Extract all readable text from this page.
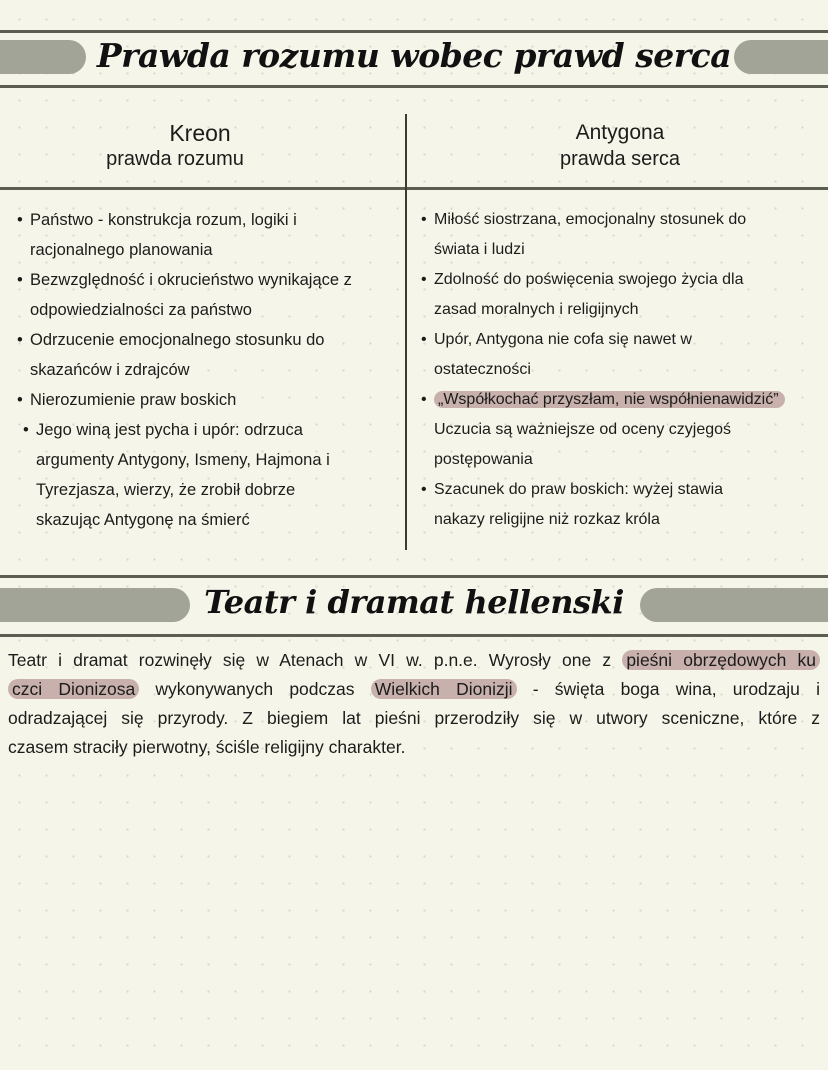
Prawda rozumu wobec prawd serca
Kreon
prawda rozumu
Antygona
prawda serca
• Państwo - konstrukcja rozum, logiki i
racjonalnego planowania
• Bezwzględność i okrucieństwo wynikające z
odpowiedzialności za państwo
• Odrzucenie emocjonalnego stosunku do
skazańców i zdrajców
• Nierozumienie praw boskich
• Jego winą jest pycha i upór: odrzuca
argumenty Antygony, Ismeny, Hajmona i
Tyrezjasza, wierzy, że zrobił dobrze
skazując Antygonę na śmierć
• Miłość siostrzana, emocjonalny stosunek do
świata i ludzi
• Zdolność do poświęcenia swojego życia dla
zasad moralnych i religijnych
• Upór, Antygona nie cofa się nawet w
ostateczności
• „Współkochać przyszłam, nie współnienawidzić”
Uczucia są ważniejsze od oceny czyjegoś
postępowania
• Szacunek do praw boskich: wyżej stawia
nakazy religijne niż rozkaz króla
Teatr i dramat hellenski
Teatr i dramat rozwinęły się w Atenach w VI w. p.n.e. Wyrosły one z pieśni obrzędowych ku
czci Dionizosa wykonywanych podczas Wielkich Dionizji - święta boga wina, urodzaju i
odradzającej się przyrody. Z biegiem lat pieśni przerodziły się w utwory sceniczne, które z
czasem straciły pierwotny, ściśle religijny charakter.
